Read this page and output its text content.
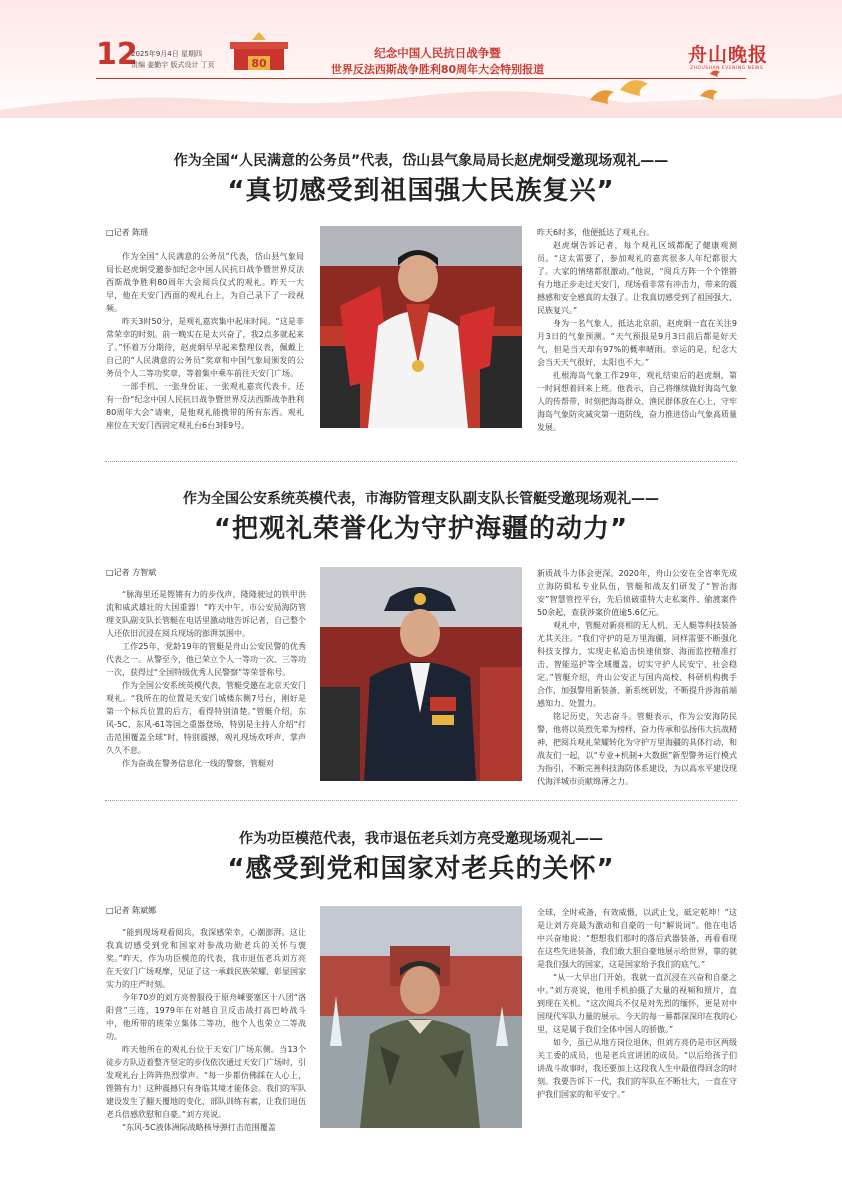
12
2025年9月4日 星期四
责编 姜勤宇 版式设计 丁页	80
纪念中国人民抗日战争暨
世界反法西斯战争胜利80周年大会特别报道
舟山晚报
ZHOUSHAN EVENING NEWS
作为全国“人民满意的公务员”代表，岱山县气象局局长赵虎炯受邀现场观礼——
“真切感受到祖国强大民族复兴”
□记者 陈瑶

作为全国“人民满意的公务员”代表，岱山县气象局局长赵虎炯受邀参加纪念中国人民抗日战争暨世界反法西斯战争胜利80周年大会阅兵仪式的观礼。昨天一大早，他在天安门西面的观礼台上，为自己录下了一段视频。

昨天3时50分，是观礼嘉宾集中起床时间。“这是非常荣幸的时刻。前一晚实在是太兴奋了，我2点多就起来了。”怀着万分期待，赵虎炯早早起来整理仪表，佩戴上自己的“人民满意的公务员”奖章和中国气象局颁发的公务员个人二等功奖章，等着集中乘车前往天安门广场。

一部手机、一张身份证、一张观礼嘉宾代表卡，还有一份“纪念中国人民抗日战争暨世界反法西斯战争胜利80周年大会”请柬，是他观礼能携带的所有东西。观礼座位在天安门西固定观礼台6台3排9号。

昨天6时多，他便抵达了观礼台。

赵虎炯告诉记者，每个观礼区域都配了健康观测员。“这太需要了，参加观礼的嘉宾很多人年纪都很大了。大家的情绪都很激动。”他说，“阅兵方阵一个个铿锵有力地正步走过天安门，现场看非常有冲击力，带来的震撼感和安全感真的太强了。让我真切感受到了祖国强大、民族复兴。”

身为一名气象人，抵达北京前，赵虎炯一直在关注9月3日的气象预测。“天气预报是9月3日前后都是好天气，但是当天却有97%的概率晴雨。幸运的是，纪念大会当天天气很好，太阳也不大。”

扎根海岛气象工作29年，观礼结束后的赵虎炯，第一时间想着回来上班。他表示，自己将继续做好海岛气象人的传帮带，时刻把海岛群众、渔民群体放在心上，守牢海岛气象防灾减灾第一道防线，奋力推进岱山气象高质量发展。

作为全国公安系统英模代表，市海防管理支队副支队长管艇受邀现场观礼——
“把观礼荣誉化为守护海疆的动力”
□记者 方智斌

“脉海里还是铿锵有力的步伐声，隆隆驶过的铁甲洪流和威武雄壮的大国重器！”昨天中午，市公安局海防管理支队副支队长管艇在电话里激动地告诉记者，自己整个人还依旧沉浸在阅兵现场的澎湃氛围中。

工作25年，党龄19年的管艇是舟山公安民警的优秀代表之一。从警至今，他已荣立个人一等功一次、三等功一次，获得过“全国特级优秀人民警察”等荣誉称号。

作为全国公安系统英模代表，管艇受邀在北京天安门观礼。“我所在的位置是天安门城楼东侧7号台，刚好是第一个标兵位置的后方，看得特别清楚。”管艇介绍，东风-5C、东风-61等国之重器登场，特别是主持人介绍“打击范围覆盖全球”时，特别震撼，观礼现场欢呼声、掌声久久不息。

作为奋战在警务信息化一线的警察，管艇对

新质战斗力体会更深。2020年，舟山公安在全省率先成立海防辑私专业队伍，管艇和战友们研发了“智治海安”智慧管控平台，先后侦破重特大走私案件、偷渡案件50余起，查获涉案价值逾5.6亿元。

观礼中，管艇对新亮相的无人机、无人艇等科技装备尤其关注。“我们守护的是万里海疆，同样需要不断强化科技支撑力，实现走私追击快速侦察、海面监控精准打击、智能巡护等全域覆盖，切实守护人民安宁、社会稳定。”管艇介绍，舟山公安正与国内高校、科研机构携手合作，加强警用新装备、新系统研发，不断提升涉海前端感知力、处置力。

铭记历史，矢志奋斗。管艇表示，作为公安海防民警，他将以英烈先辈为榜样，奋力传承和弘扬伟大抗战精神，把阅兵观礼荣耀转化为守护万里海疆的具体行动，和战友们一起，以“专业+机制+大数据”新型警务运行模式为指引，不断完善科技海防体系建设，为以高水平建设现代海洋城市贡献绵薄之力。

作为功臣模范代表，我市退伍老兵刘方亮受邀现场观礼——
“感受到党和国家对老兵的关怀”
□记者 陈斌娜

“能到现场观看阅兵，我深感荣幸，心潮澎湃。这让我真切感受到党和国家对参战功勋老兵的关怀与褒奖。”昨天，作为功臣模范的代表，我市退伍老兵刘方亮在天安门广场观摩，见证了这一承载民族荣耀、彰显国家实力的庄严时刻。

今年70岁的刘方亮曾服役于原舟嵊要塞区十八团“洛阳营”三连，1979年在对越自卫反击战打高巴岭战斗中，他所带的班荣立集体二等功，他个人也荣立二等战功。

昨天他所在的观礼台位于天安门广场东侧。当13个徒步方队迈着整齐坚定的步伐依次通过天安门广场时，引发观礼台上阵阵热烈掌声。“每一步都仿佛踩在人心上，铿锵有力！这种震撼只有身临其境才能体会。我们的军队建设发生了翻天覆地的变化，部队训练有素，让我们退伍老兵倍感欣慰和自豪。”刘方亮说。

“东风-5C液体洲际战略核导弹打击范围覆盖

全球，全时戒备，有效威慑，以武止戈，砥定乾坤！”这是让刘方亮最为激动和自豪的一句“解说词”。他在电话中兴奋地说：“想想我们那时的落后武器装备，再看看现在这些先进装备，我们敢大胆自豪地展示给世界，靠的就是我们强大的国家，这是国家给予我们的底气。”

“从一大早出门开始，我就一直沉浸在兴奋和自豪之中。”刘方亮说，他用手机拍摄了大量的视频和照片，直到现在关机。“这次阅兵不仅是对先烈的缅怀，更是对中国现代军队力量的展示。今天的每一幕都深深印在我的心里，这是属于我们全体中国人的骄傲。”

如今，虽已从地方岗位退休，但刘方亮仍是市区两级关工委的成员，也是老兵宣讲团的成员。“以后给孩子们讲战斗故事时，我还要加上这段我人生中最值得回念的时刻。我要告诉下一代，我们的军队在不断壮大，一直在守护我们国家的和平安宁。”
